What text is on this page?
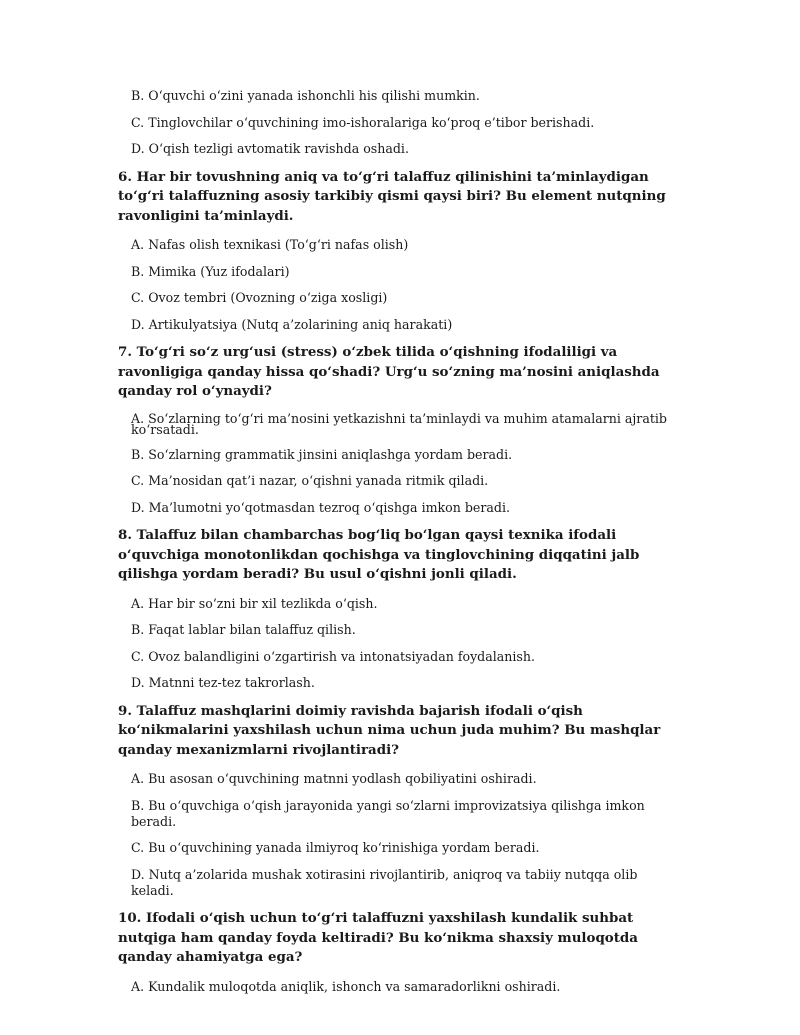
B. O‘quvchi o‘zini yanada ishonchli his qilishi mumkin.
C. Tinglovchilar o‘quvchining imo-ishoralariga ko‘proq e’tibor berishadi.
D. O‘qish tezligi avtomatik ravishda oshadi.
6. Har bir tovushning aniq va to‘g‘ri talaffuz qilinishini ta’minlaydigan to‘g‘ri talaffuzning asosiy tarkibiy qismi qaysi biri? Bu element nutqning ravonligini ta’minlaydi.
A. Nafas olish texnikasi (To‘g‘ri nafas olish)
B. Mimika (Yuz ifodalari)
C. Ovoz tembri (Ovozning o‘ziga xosligi)
D. Artikulyatsiya (Nutq a’zolarining aniq harakati)
7. To‘g‘ri so‘z urg‘usi (stress) o‘zbek tilida o‘qishning ifodaliligi va ravonligiga qanday hissa qo‘shadi? Urg‘u so‘zning ma’nosini aniqlashda qanday rol o‘ynaydi?
A. So‘zlarning to‘g‘ri ma’nosini yetkazishni ta’minlaydi va muhim atamalarni ajratib ko‘rsatadi.
B. So‘zlarning grammatik jinsini aniqlashga yordam beradi.
C. Ma’nosidan qat’i nazar, o‘qishni yanada ritmik qiladi.
D. Ma’lumotni yo‘qotmasdan tezroq o‘qishga imkon beradi.
8. Talaffuz bilan chambarchas bog‘liq bo‘lgan qaysi texnika ifodali o‘quvchiga monotonlikdan qochishga va tinglovchining diqqatini jalb qilishga yordam beradi? Bu usul o‘qishni jonli qiladi.
A. Har bir so‘zni bir xil tezlikda o‘qish.
B. Faqat lablar bilan talaffuz qilish.
C. Ovoz balandligini o‘zgartirish va intonatsiyadan foydalanish.
D. Matnni tez-tez takrorlash.
9. Talaffuz mashqlarini doimiy ravishda bajarish ifodali o‘qish ko‘nikmalarini yaxshilash uchun nima uchun juda muhim? Bu mashqlar qanday mexanizmlarni rivojlantiradi?
A. Bu asosan o‘quvchining matnni yodlash qobiliyatini oshiradi.
B. Bu o‘quvchiga o‘qish jarayonida yangi so‘zlarni improvizatsiya qilishga imkon beradi.
C. Bu o‘quvchining yanada ilmiyroq ko‘rinishiga yordam beradi.
D. Nutq a’zolarida mushak xotirasini rivojlantirib, aniqroq va tabiiy nutqqa olib keladi.
10. Ifodali o‘qish uchun to‘g‘ri talaffuzni yaxshilash kundalik suhbat nutqiga ham qanday foyda keltiradi? Bu ko‘nikma shaxsiy muloqotda qanday ahamiyatga ega?
A. Kundalik muloqotda aniqlik, ishonch va samaradorlikni oshiradi.
